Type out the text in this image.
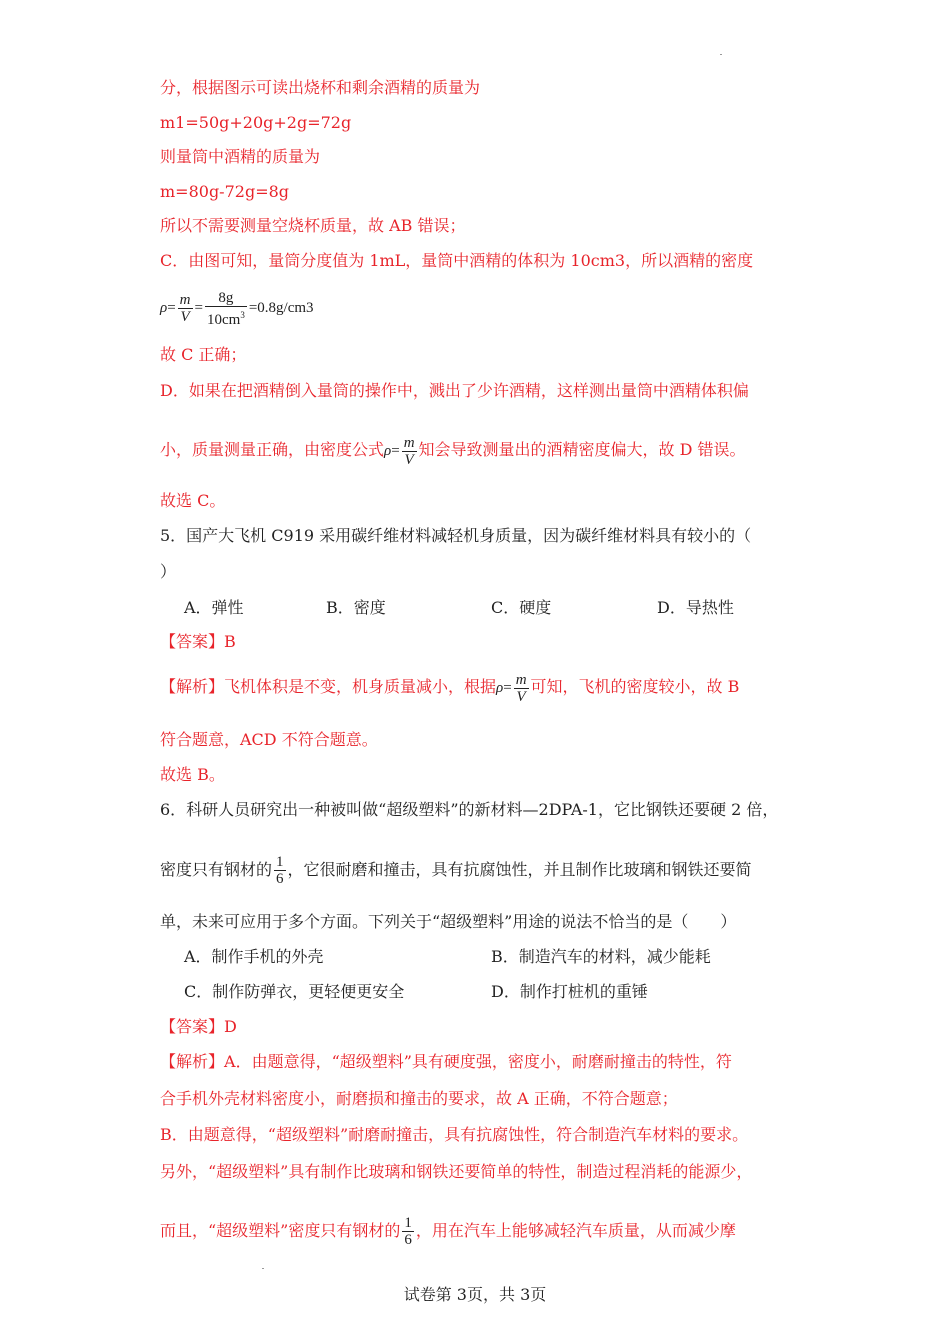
分，根据图示可读出烧杯和剩余酒精的质量为
m1=50g+20g+2g=72g
则量筒中酒精的质量为
m=80g-72g=8g
所以不需要测量空烧杯质量，故 AB 错误；
C．由图可知，量筒分度值为 1mL，量筒中酒精的体积为 10cm3，所以酒精的密度
$\rho= \frac{m}{V} = \frac{8g}{10cm^3} =0.8g/cm3$
故 C 正确；
D．如果在把酒精倒入量筒的操作中，溅出了少许酒精，这样测出量筒中酒精体积偏
小，质量测量正确，由密度公式$\rho= \frac{m}{V}$ 知会导致测量出的酒精密度偏大，故 D 错误。
故选 C。
5．国产大飞机 C919 采用碳纤维材料减轻机身质量，因为碳纤维材料具有较小的（
）
A．弹性	B．密度	C．硬度	D．导热性
【答案】B
【解析】飞机体积是不变，机身质量减小，根据$\rho= \frac{m}{V}$ 可知，飞机的密度较小，故 B
符合题意，ACD 不符合题意。
故选 B。
6．科研人员研究出一种被叫做“超级塑料”的新材料—2DPA-1，它比钢铁还要硬 2 倍，
密度只有钢材的 $\frac{1}{6}$ ，它很耐磨和撞击，具有抗腐蚀性，并且制作比玻璃和钢铁还要简
单，未来可应用于多个方面。下列关于“超级塑料”用途的说法不恰当的是（　　）
A．制作手机的外壳	B．制造汽车的材料，减少能耗
C．制作防弹衣，更轻便更安全	D．制作打桩机的重锤
【答案】D
【解析】A．由题意得，“超级塑料”具有硬度强，密度小，耐磨耐撞击的特性，符
合手机外壳材料密度小，耐磨损和撞击的要求，故 A 正确，不符合题意；
B．由题意得，“超级塑料”耐磨耐撞击，具有抗腐蚀性，符合制造汽车材料的要求。
另外，“超级塑料”具有制作比玻璃和钢铁还要简单的特性，制造过程消耗的能源少，
而且，“超级塑料”密度只有钢材的 $\frac{1}{6}$ ，用在汽车上能够减轻汽车质量，从而减少摩
试卷第 3页，共 3页
